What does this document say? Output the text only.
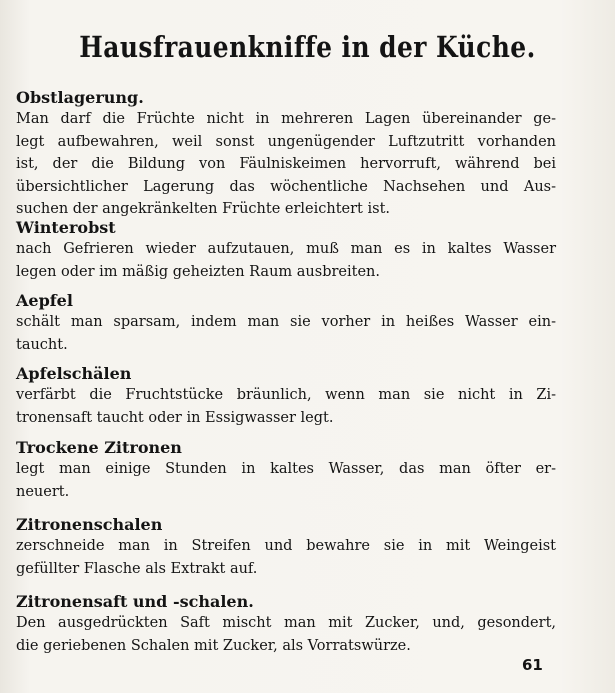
Hausfrauenkniffe in der Küche.
Obstlagerung.
Man darf die Früchte nicht in mehreren Lagen übereinander ge-
legt aufbewahren, weil sonst ungenügender Luftzutritt vorhanden
ist, der die Bildung von Fäulniskeimen hervorruft, während bei
übersichtlicher Lagerung das wöchentliche Nachsehen und Aus-
suchen der angekränkelten Früchte erleichtert ist.
Winterobst
nach Gefrieren wieder aufzutauen, muß man es in kaltes Wasser
legen oder im mäßig geheizten Raum ausbreiten.
Aepfel
schält man sparsam, indem man sie vorher in heißes Wasser ein-
taucht.
Apfelschälen
verfärbt die Fruchtstücke bräunlich, wenn man sie nicht in Zi-
tronensaft taucht oder in Essigwasser legt.
Trockene Zitronen
legt man einige Stunden in kaltes Wasser, das man öfter er-
neuert.
Zitronenschalen
zerschneide man in Streifen und bewahre sie in mit Weingeist
gefüllter Flasche als Extrakt auf.
Zitronensaft und -schalen.
Den ausgedrückten Saft mischt man mit Zucker, und, gesondert,
die geriebenen Schalen mit Zucker, als Vorratswürze.
61
